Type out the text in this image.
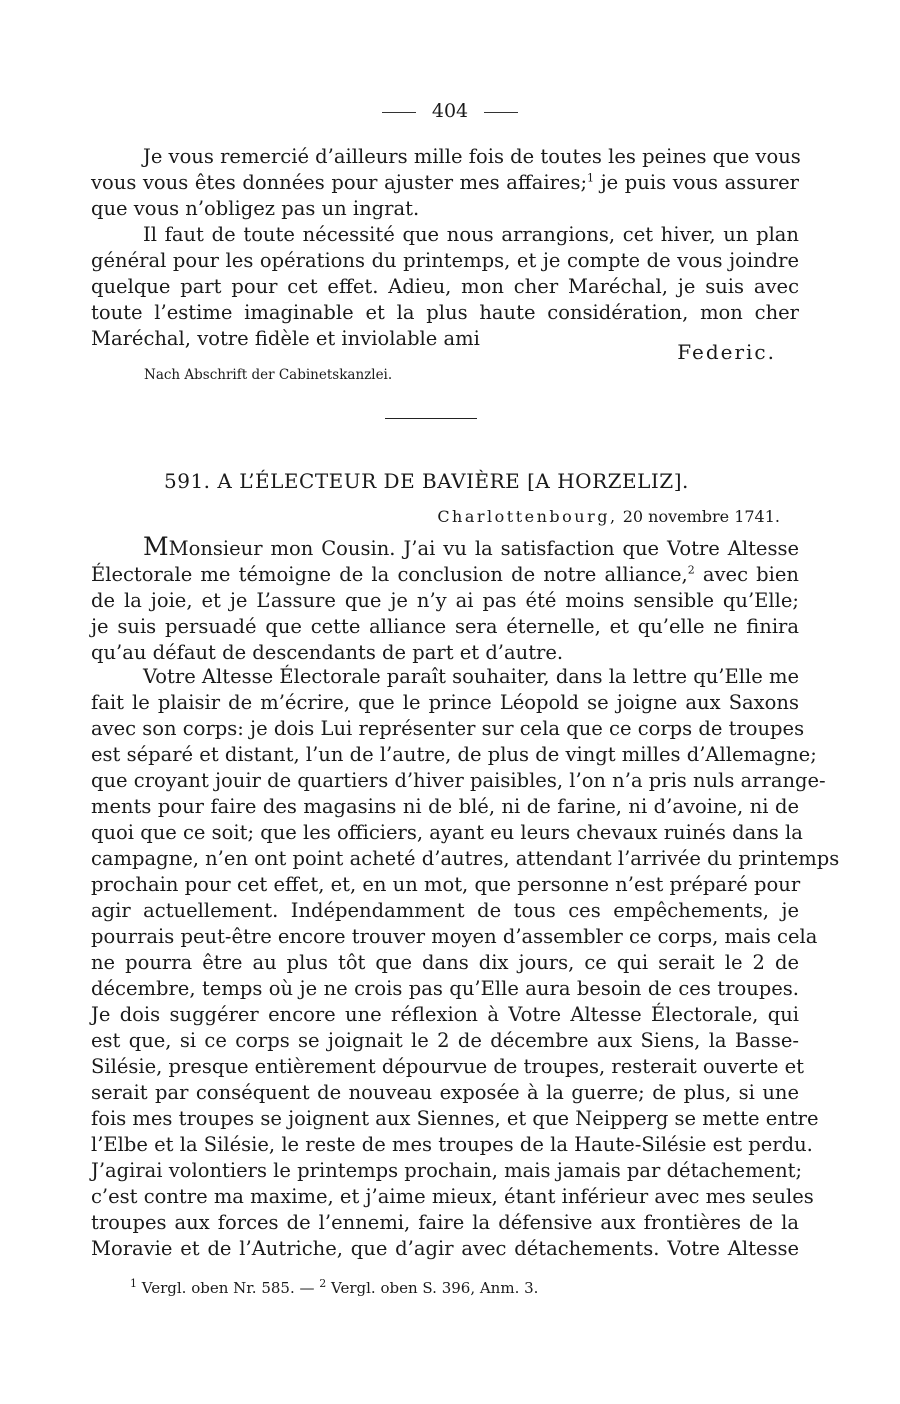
404
Je vous remercié d’ailleurs mille fois de toutes les peines que vous
vous vous êtes données pour ajuster mes affaires;$^1$ je puis vous assurer
que vous n’obligez pas un ingrat.
Il faut de toute nécessité que nous arrangions, cet hiver, un plan
général pour les opérations du printemps, et je compte de vous joindre
quelque part pour cet effet. Adieu, mon cher Maréchal, je suis avec
toute l’estime imaginable et la plus haute considération, mon cher
Maréchal, votre fidèle et inviolable ami
Federic.
Nach Abschrift der Cabinetskanzlei.
591. A L’ÉLECTEUR DE BAVIÈRE [A HORZELIZ].
Charlottenbourg, 20 novembre 1741.
MMonsieur mon Cousin. J’ai vu la satisfaction que Votre Altesse
Électorale me témoigne de la conclusion de notre alliance,$^2$ avec bien
de la joie, et je L’assure que je n’y ai pas été moins sensible qu’Elle;
je suis persuadé que cette alliance sera éternelle, et qu’elle ne finira
qu’au défaut de descendants de part et d’autre.
Votre Altesse Électorale paraît souhaiter, dans la lettre qu’Elle me
fait le plaisir de m’écrire, que le prince Léopold se joigne aux Saxons
avec son corps: je dois Lui représenter sur cela que ce corps de troupes
est séparé et distant, l’un de l’autre, de plus de vingt milles d’Allemagne;
que croyant jouir de quartiers d’hiver paisibles, l’on n’a pris nuls arrange-
ments pour faire des magasins ni de blé, ni de farine, ni d’avoine, ni de
quoi que ce soit; que les officiers, ayant eu leurs chevaux ruinés dans la
campagne, n’en ont point acheté d’autres, attendant l’arrivée du printemps
prochain pour cet effet, et, en un mot, que personne n’est préparé pour
agir actuellement. Indépendamment de tous ces empêchements, je
pourrais peut-être encore trouver moyen d’assembler ce corps, mais cela
ne pourra être au plus tôt que dans dix jours, ce qui serait le 2 de
décembre, temps où je ne crois pas qu’Elle aura besoin de ces troupes.
Je dois suggérer encore une réflexion à Votre Altesse Électorale, qui
est que, si ce corps se joignait le 2 de décembre aux Siens, la Basse-
Silésie, presque entièrement dépourvue de troupes, resterait ouverte et
serait par conséquent de nouveau exposée à la guerre; de plus, si une
fois mes troupes se joignent aux Siennes, et que Neipperg se mette entre
l’Elbe et la Silésie, le reste de mes troupes de la Haute-Silésie est perdu.
J’agirai volontiers le printemps prochain, mais jamais par détachement;
c’est contre ma maxime, et j’aime mieux, étant inférieur avec mes seules
troupes aux forces de l’ennemi, faire la défensive aux frontières de la
Moravie et de l’Autriche, que d’agir avec détachements. Votre Altesse
$^1$ Vergl. oben Nr. 585. — $^2$ Vergl. oben S. 396, Anm. 3.
